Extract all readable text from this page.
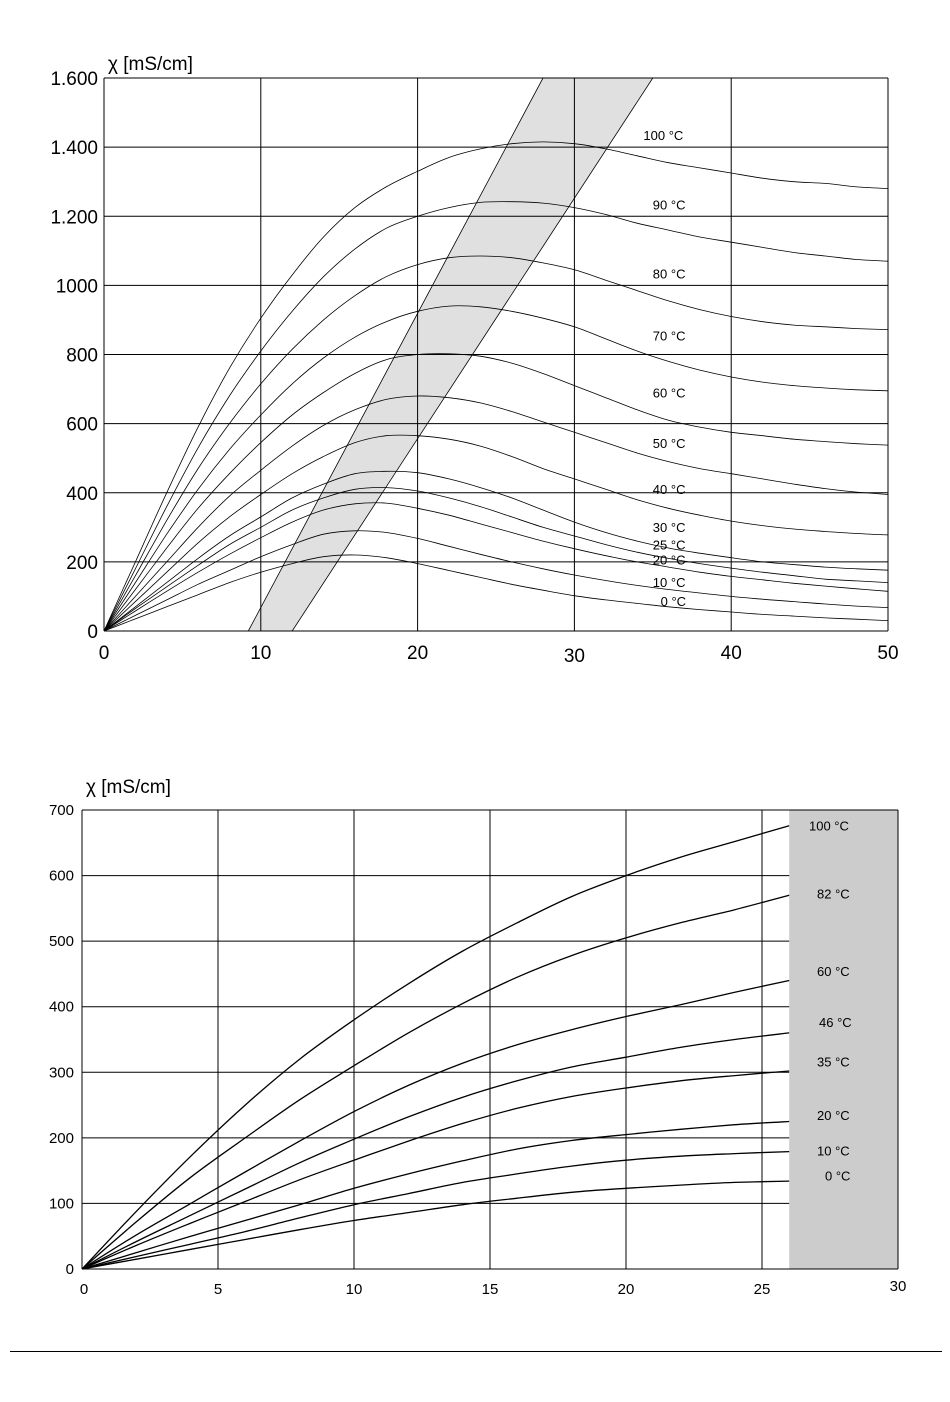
0
200
400
600
800
1000
1.200
1.400
1.600
0	10	20	30	40	50
100 °C
90 °C
80 °C
70 °C
60 °C
50 °C
40 °C
30 °C
25 °C
20 °C
10 °C
0 °C
χ [mS/cm]
0
100
200
300
400
500
600
700
0	5	10	15	20	25	30
100 °C
82 °C
60 °C
46 °C
35 °C
20 °C
10 °C
0 °C
χ [mS/cm]
